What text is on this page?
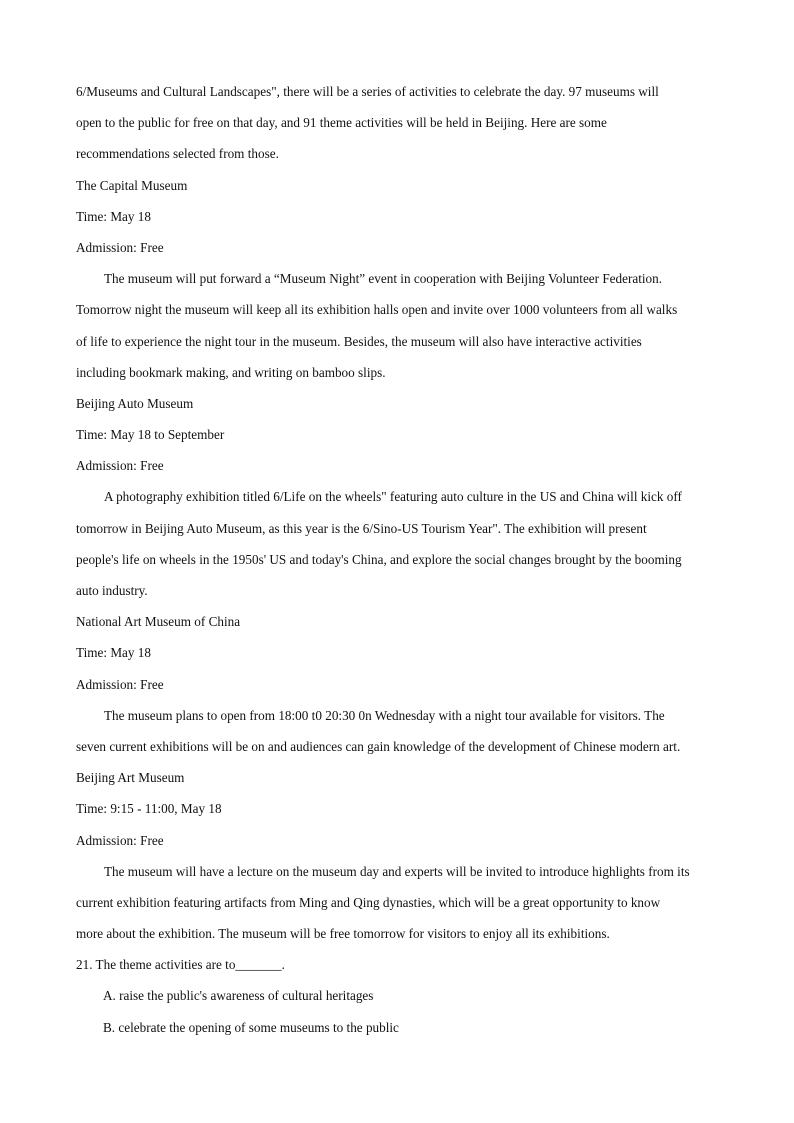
6/Museums and Cultural Landscapes", there will be a series of activities to celebrate the day. 97 museums will
open to the public for free on that day, and 91 theme activities will be held in Beijing. Here are some
recommendations selected from those.
The Capital Museum
Time: May 18
Admission: Free
The museum will put forward a “Museum Night” event in cooperation with Beijing Volunteer Federation.
Tomorrow night the museum will keep all its exhibition halls open and invite over 1000 volunteers from all walks
of life to experience the night tour in the museum. Besides, the museum will also have interactive activities
including bookmark making, and writing on bamboo slips.
Beijing Auto Museum
Time: May 18 to September
Admission: Free
A photography exhibition titled 6/Life on the wheels" featuring auto culture in the US and China will kick off
tomorrow in Beijing Auto Museum, as this year is the 6/Sino-US Tourism Year". The exhibition will present
people's life on wheels in the 1950s' US and today's China, and explore the social changes brought by the booming
auto industry.
National Art Museum of China
Time: May 18
Admission: Free
The museum plans to open from 18:00 t0 20:30 0n Wednesday with a night tour available for visitors. The
seven current exhibitions will be on and audiences can gain knowledge of the development of Chinese modern art.
Beijing Art Museum
Time: 9:15 - 11:00, May 18
Admission: Free
The museum will have a lecture on the museum day and experts will be invited to introduce highlights from its
current exhibition featuring artifacts from Ming and Qing dynasties, which will be a great opportunity to know
more about the exhibition. The museum will be free tomorrow for visitors to enjoy all its exhibitions.
21. The theme activities are to_______.
A. raise the public's awareness of cultural heritages
B. celebrate the opening of some museums to the public
